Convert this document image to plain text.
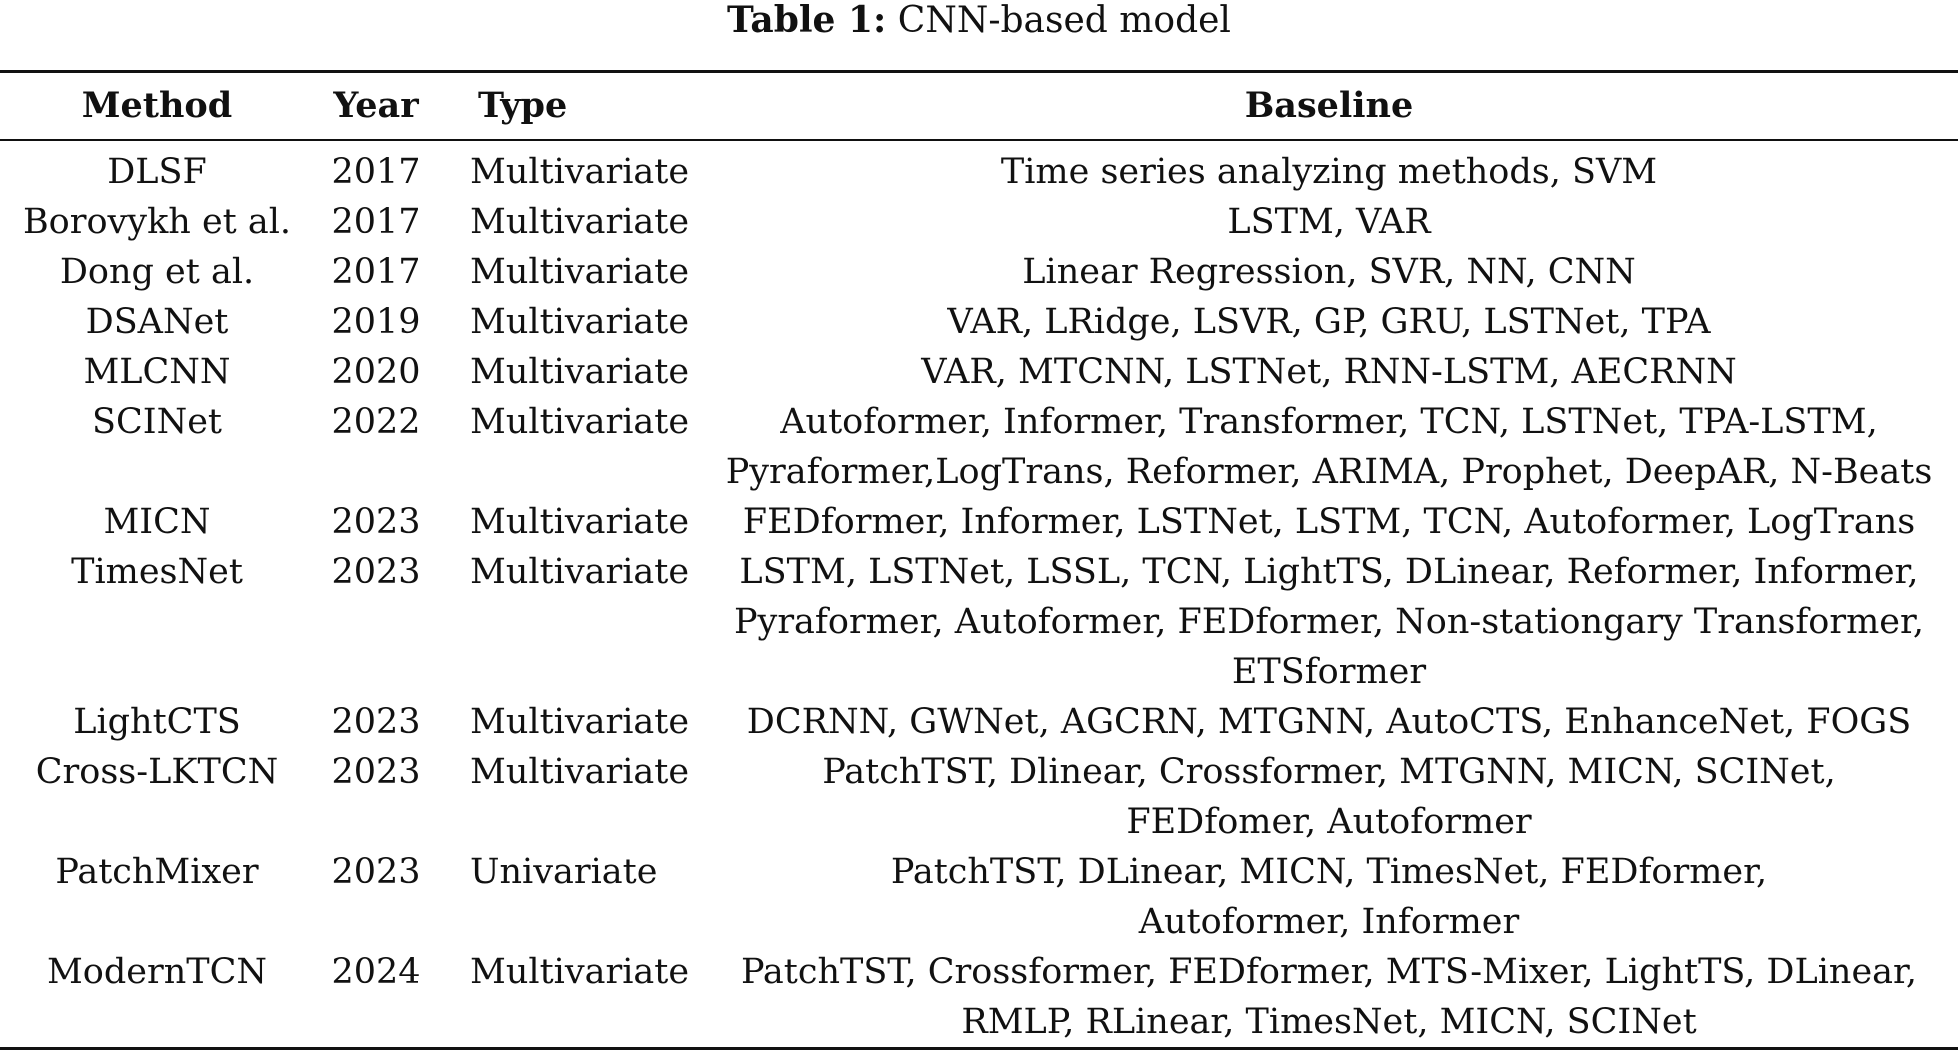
Table 1: CNN-based model
Method	Year	Type	Baseline
DLSF	2017	Multivariate	Time series analyzing methods, SVM

Borovykh et al.	2017	Multivariate	LSTM, VAR

Dong et al.	2017	Multivariate	Linear Regression, SVR, NN, CNN

DSANet	2019	Multivariate	VAR, LRidge, LSVR, GP, GRU, LSTNet, TPA

MLCNN	2020	Multivariate	VAR, MTCNN, LSTNet, RNN-LSTM, AECRNN

SCINet	2022	Multivariate	Autoformer, Informer, Transformer, TCN, LSTNet, TPA-LSTM,
Pyraformer,LogTrans, Reformer, ARIMA, Prophet, DeepAR, N-Beats

MICN	2023	Multivariate	FEDformer, Informer, LSTNet, LSTM, TCN, Autoformer, LogTrans

TimesNet	2023	Multivariate	LSTM, LSTNet, LSSL, TCN, LightTS, DLinear, Reformer, Informer,
Pyraformer, Autoformer, FEDformer, Non-stationgary Transformer,
ETSformer

LightCTS	2023	Multivariate	DCRNN, GWNet, AGCRN, MTGNN, AutoCTS, EnhanceNet, FOGS

Cross-LKTCN	2023	Multivariate	PatchTST, Dlinear, Crossformer, MTGNN, MICN, SCINet,
FEDfomer, Autoformer

PatchMixer	2023	Univariate	PatchTST, DLinear, MICN, TimesNet, FEDformer,
Autoformer, Informer

ModernTCN	2024	Multivariate	PatchTST, Crossformer, FEDformer, MTS-Mixer, LightTS, DLinear,
RMLP, RLinear, TimesNet, MICN, SCINet
